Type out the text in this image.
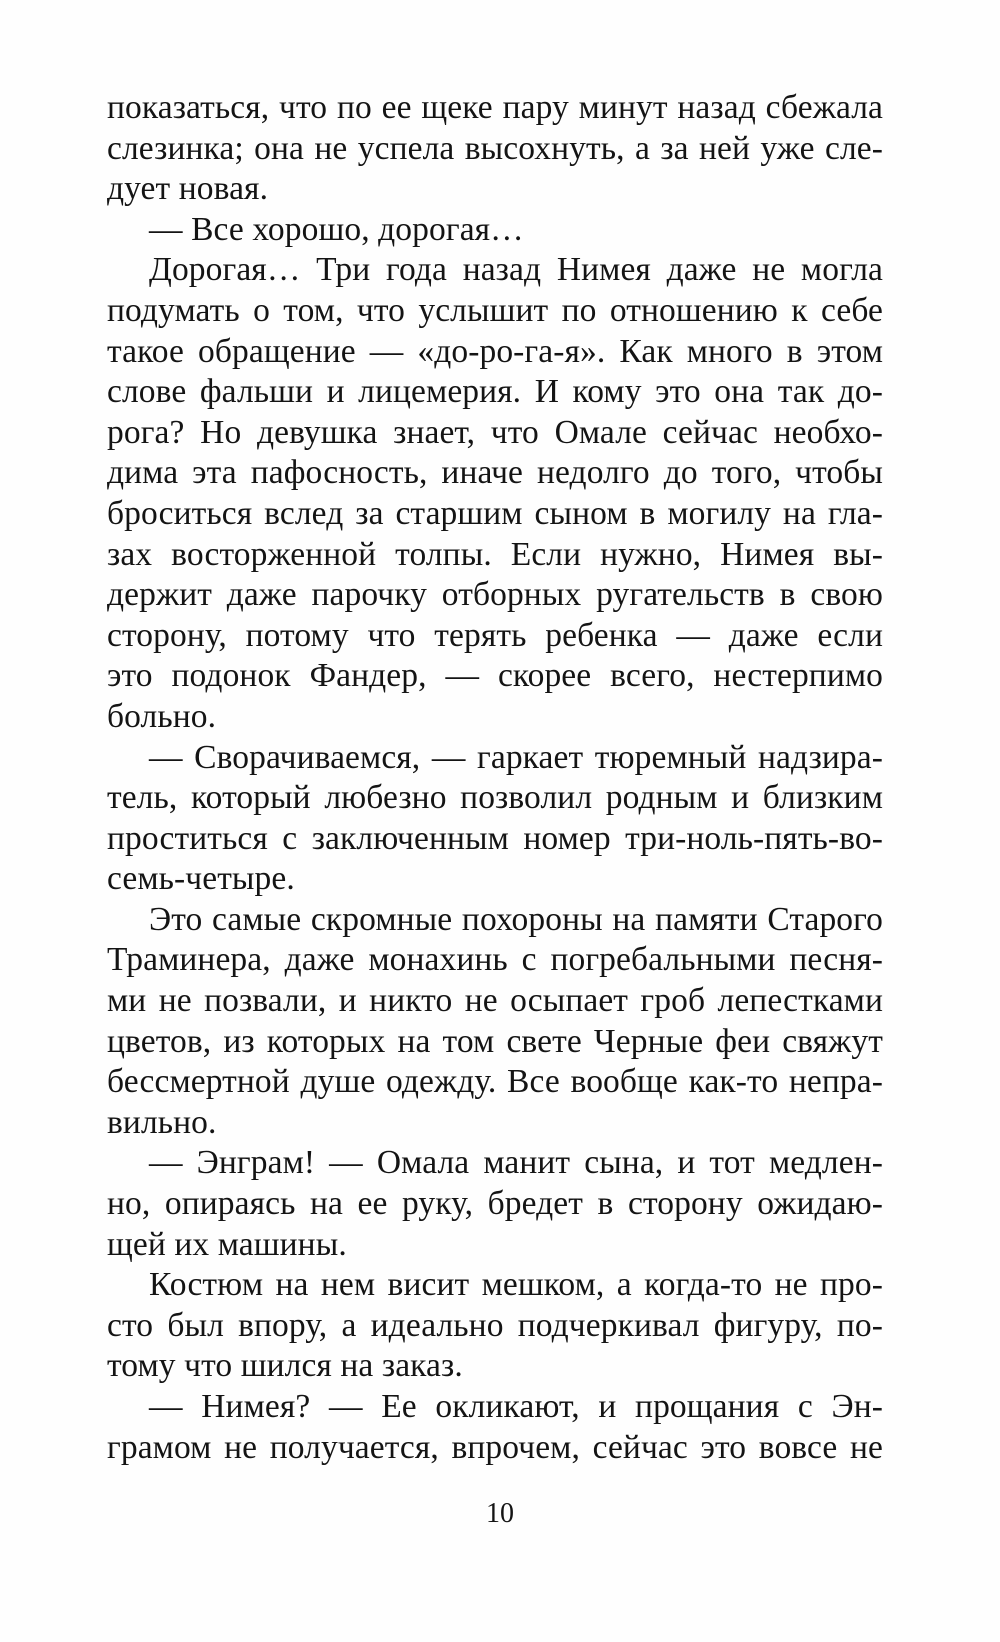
показаться, что по ее щеке пару минут назад сбежала
слезинка; она не успела высохнуть, а за ней уже сле-
дует новая.
— Все хорошо, дорогая…
Дорогая… Три года назад Нимея даже не могла
подумать о том, что услышит по отношению к себе
такое обращение — «до-ро-га-я». Как много в этом
слове фальши и лицемерия. И кому это она так до-
рога? Но девушка знает, что Омале сейчас необхо-
дима эта пафосность, иначе недолго до того, чтобы
броситься вслед за старшим сыном в могилу на гла-
зах восторженной толпы. Если нужно, Нимея вы-
держит даже парочку отборных ругательств в свою
сторону, потому что терять ребенка — даже если
это подонок Фандер, — скорее всего, нестерпимо
больно.
— Сворачиваемся, — гаркает тюремный надзира-
тель, который любезно позволил родным и близким
проститься с заключенным номер три-ноль-пять-во-
семь-четыре.
Это самые скромные похороны на памяти Старого
Траминера, даже монахинь с погребальными песня-
ми не позвали, и никто не осыпает гроб лепестками
цветов, из которых на том свете Черные феи свяжут
бессмертной душе одежду. Все вообще как-то непра-
вильно.
— Энграм! — Омала манит сына, и тот медлен-
но, опираясь на ее руку, бредет в сторону ожидаю-
щей их машины.
Костюм на нем висит мешком, а когда-то не про-
сто был впору, а идеально подчеркивал фигуру, по-
тому что шился на заказ.
— Нимея? — Ее окликают, и прощания с Эн-
грамом не получается, впрочем, сейчас это вовсе не
10
